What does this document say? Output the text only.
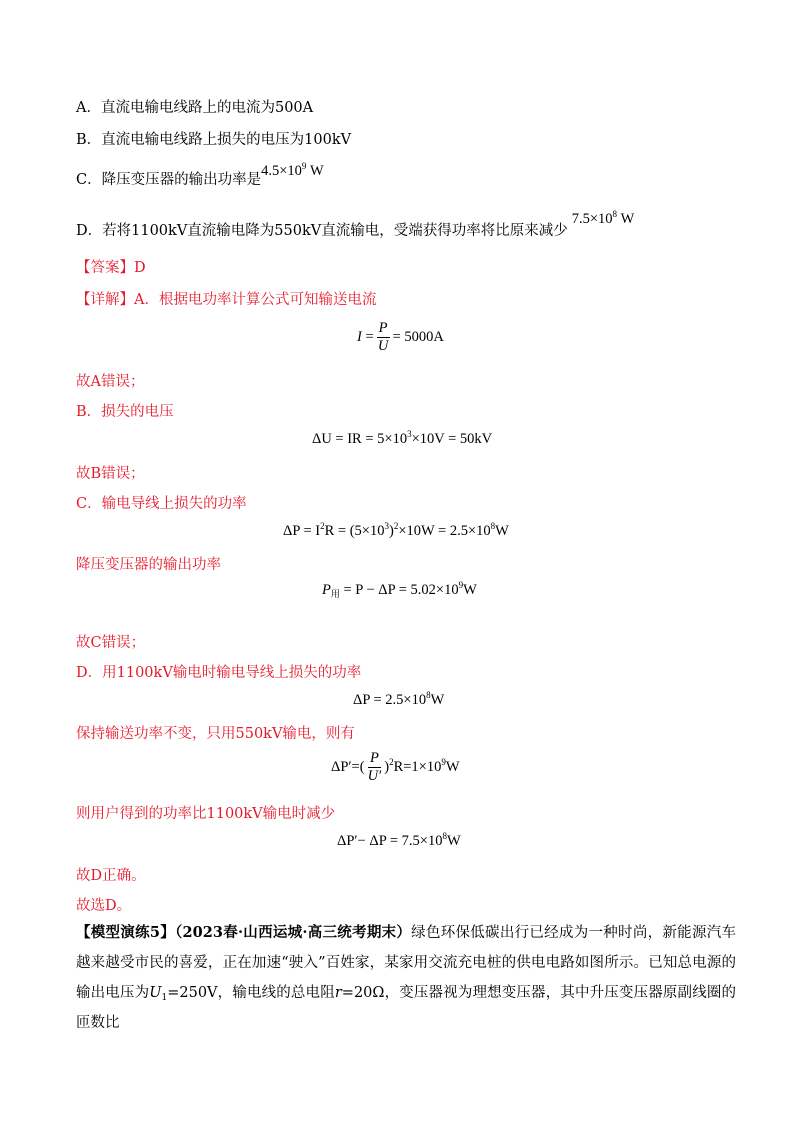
A．直流电输电线路上的电流为500A
B．直流电输电线路上损失的电压为100kV
C．降压变压器的输出功率是$4.5\times 10^9$ W
D．若将1100kV直流输电降为550kV直流输电，受端获得功率将比原来减少$7.5\times 10^8$ W
【答案】D
【详解】A．根据电功率计算公式可知输送电流
$I = \frac{P}{U} = 5000A$
故A错误；
B．损失的电压
ΔU = IR = $5\times 10^3\times 10V = 50kV$
故B错误；
C．输电导线上损失的功率
$\Delta P = I^2R = (5\times 10^3)^2\times 10W = 2.5\times 10^8W$
降压变压器的输出功率
$P_用 = P - \Delta P = 5.02\times 10^9W$
故C错误；
D．用1100kV输电时输电导线上损失的功率
$\Delta P = 2.5\times 10^8W$
保持输送功率不变，只用550kV输电，则有
$\Delta P'=( \frac{P}{U'} )^2R=1\times 10^9W$
则用户得到的功率比1100kV输电时减少
$\Delta P'- \Delta P = 7.5\times 10^8W$
故D正确。
故选D。
【模型演练5】（2023春·山西运城·高三统考期末）绿色环保低碳出行已经成为一种时尚，新能源汽车越来越受市民的喜爱，正在加速“驶入”百姓家，某家用交流充电桩的供电电路如图所示。已知总电源的输出电压为$U_1=250V$，输电线的总电阻r=20Ω，变压器视为理想变压器，其中升压变压器原副线圈的匝数比
